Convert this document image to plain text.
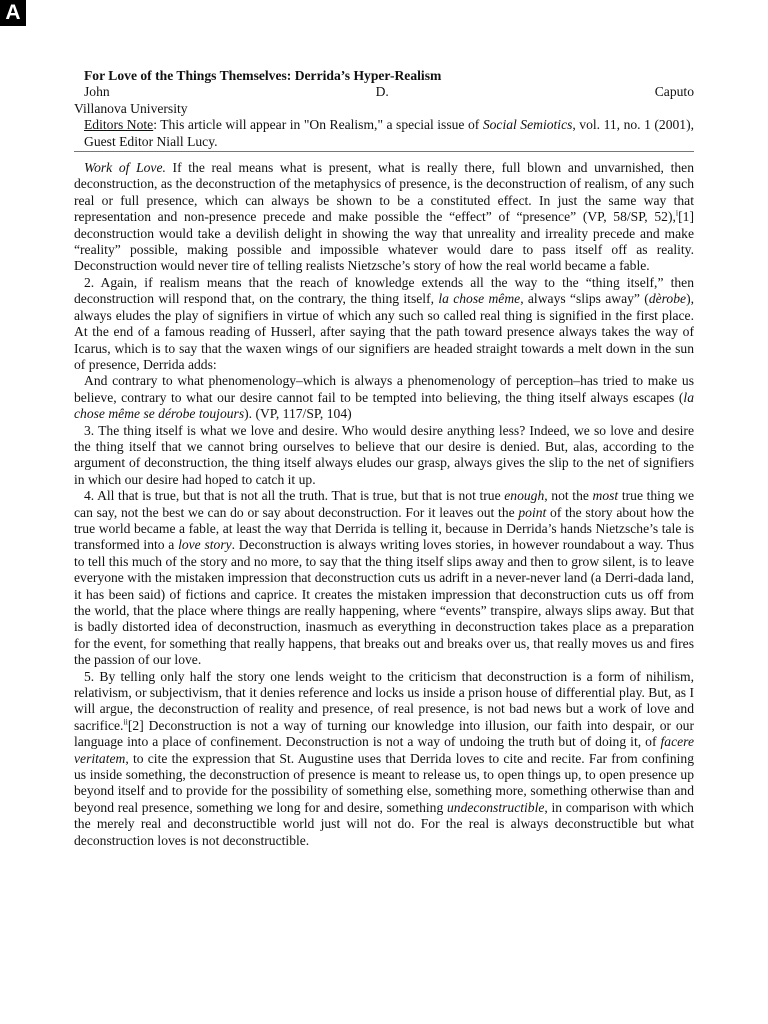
A
For Love of the Things Themselves: Derrida’s Hyper-Realism
John	D.	Caputo
Villanova University

Editors Note: This article will appear in "On Realism," a special issue of Social Semiotics, vol. 11, no. 1 (2001), Guest Editor Niall Lucy.

Work of Love. If the real means what is present, what is really there, full blown and unvarnished, then deconstruction, as the deconstruction of the metaphysics of presence, is the deconstruction of realism, of any such real or full presence, which can always be shown to be a constituted effect. In just the same way that representation and non-presence precede and make possible the “effect” of “presence” (VP, 58/SP, 52),$^i$[1] deconstruction would take a devilish delight in showing the way that unreality and irreality precede and make “reality” possible, making possible and impossible whatever would dare to pass itself off as reality. Deconstruction would never tire of telling realists Nietzsche’s story of how the real world became a fable.

2. Again, if realism means that the reach of knowledge extends all the way to the “thing itself,” then deconstruction will respond that, on the contrary, the thing itself, la chose même, always “slips away” (dèrobe), always eludes the play of signifiers in virtue of which any such so called real thing is signified in the first place. At the end of a famous reading of Husserl, after saying that the path toward presence always takes the way of Icarus, which is to say that the waxen wings of our signifiers are headed straight towards a melt down in the sun of presence, Derrida adds:

And contrary to what phenomenology–which is always a phenomenology of perception–has tried to make us believe, contrary to what our desire cannot fail to be tempted into believing, the thing itself always escapes (la chose même se dérobe toujours). (VP, 117/SP, 104)

3. The thing itself is what we love and desire. Who would desire anything less? Indeed, we so love and desire the thing itself that we cannot bring ourselves to believe that our desire is denied. But, alas, according to the argument of deconstruction, the thing itself always eludes our grasp, always gives the slip to the net of signifiers in which our desire had hoped to catch it up.

4. All that is true, but that is not all the truth. That is true, but that is not true enough, not the most true thing we can say, not the best we can do or say about deconstruction. For it leaves out the point of the story about how the true world became a fable, at least the way that Derrida is telling it, because in Derrida’s hands Nietzsche’s tale is transformed into a love story. Deconstruction is always writing loves stories, in however roundabout a way. Thus to tell this much of the story and no more, to say that the thing itself slips away and then to grow silent, is to leave everyone with the mistaken impression that deconstruction cuts us adrift in a never-never land (a Derri-dada land, it has been said) of fictions and caprice. It creates the mistaken impression that deconstruction cuts us off from the world, that the place where things are really happening, where “events” transpire, always slips away. But that is badly distorted idea of deconstruction, inasmuch as everything in deconstruction takes place as a preparation for the event, for something that really happens, that breaks out and breaks over us, that really moves us and fires the passion of our love.

5. By telling only half the story one lends weight to the criticism that deconstruction is a form of nihilism, relativism, or subjectivism, that it denies reference and locks us inside a prison house of differential play. But, as I will argue, the deconstruction of reality and presence, of real presence, is not bad news but a work of love and sacrifice.$^{ii}$[2] Deconstruction is not a way of turning our knowledge into illusion, our faith into despair, or our language into a place of confinement. Deconstruction is not a way of undoing the truth but of doing it, of facere veritatem, to cite the expression that St. Augustine uses that Derrida loves to cite and recite. Far from confining us inside something, the deconstruction of presence is meant to release us, to open things up, to open presence up beyond itself and to provide for the possibility of something else, something more, something otherwise than and beyond real presence, something we long for and desire, something undeconstructible, in comparison with which the merely real and deconstructible world just will not do. For the real is always deconstructible but what deconstruction loves is not deconstructible.
